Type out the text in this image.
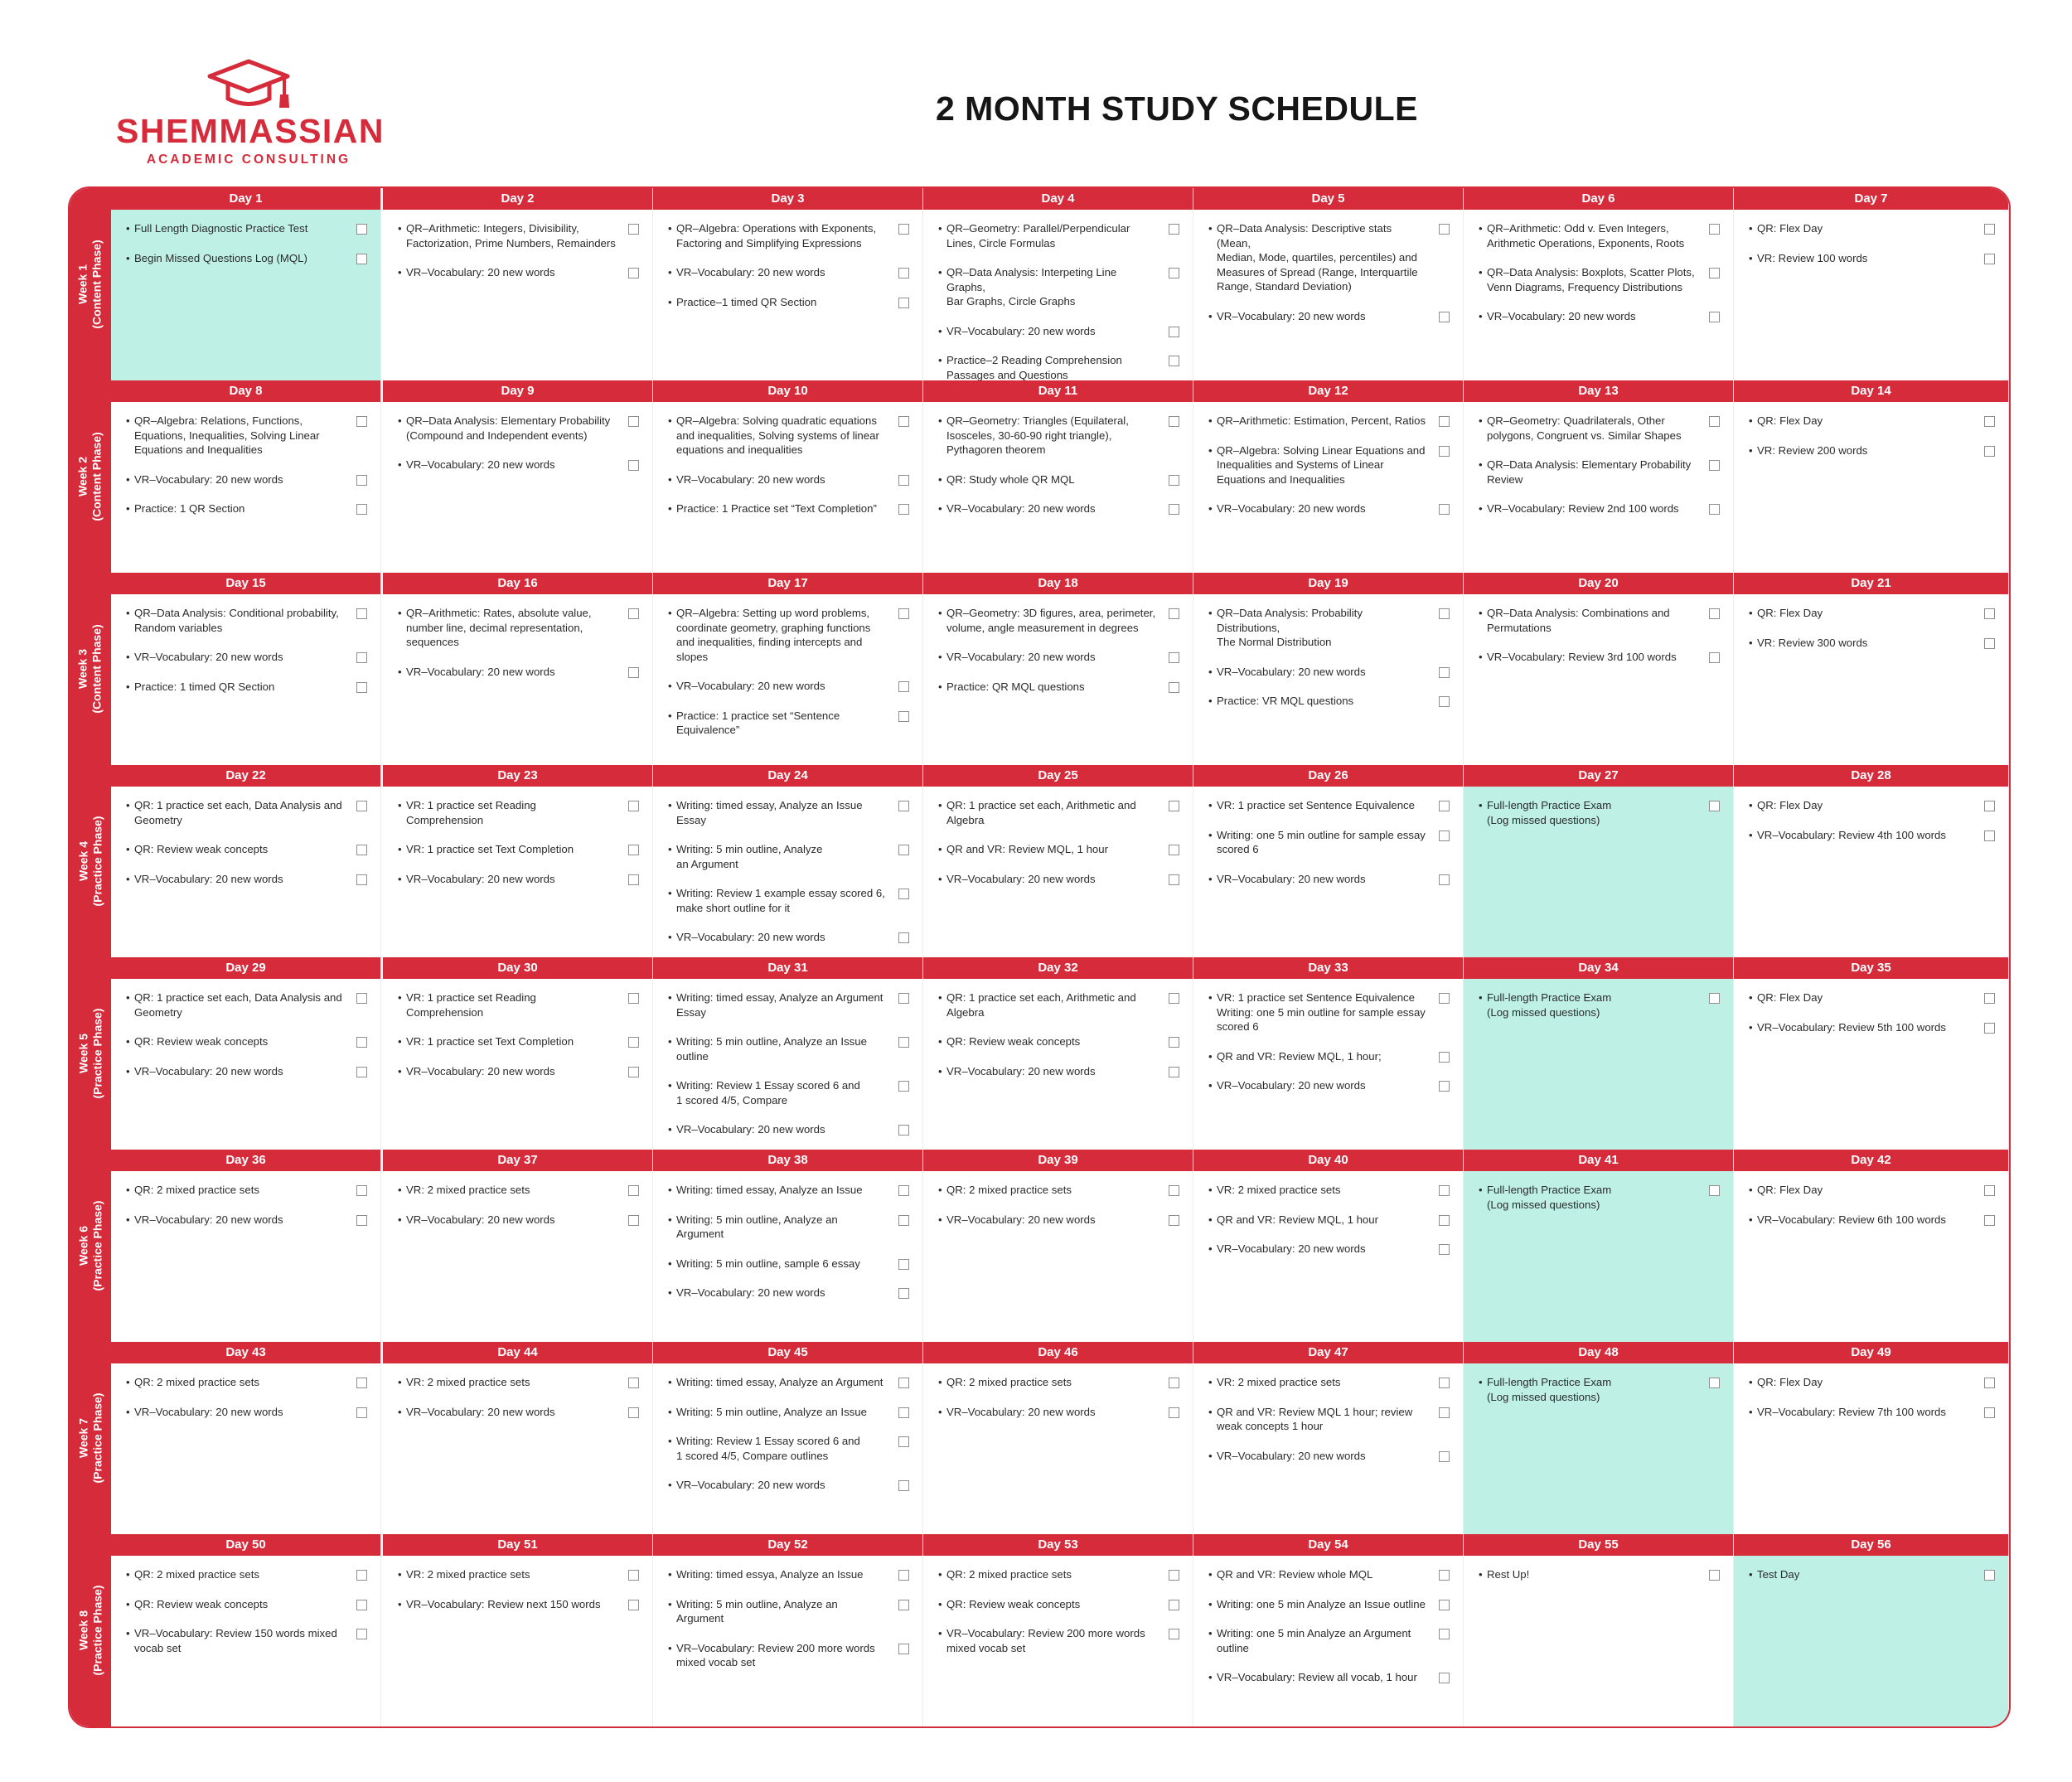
SHEMMASSIAN
ACADEMIC CONSULTING
2 MONTH STUDY SCHEDULE
Week 1 (Content Phase)
Week 2 (Content Phase)
Week 3 (Content Phase)
Week 4 (Practice Phase)
Week 5 (Practice Phase)
Week 6 (Practice Phase)
Week 7 (Practice Phase)
Week 8 (Practice Phase)
Day 1
• Full Length Diagnostic Practice Test
• Begin Missed Questions Log (MQL)
Day 2
• QR–Arithmetic: Integers, Divisibility,
Factorization, Prime Numbers, Remainders
• VR–Vocabulary: 20 new words
Day 3
• QR–Algebra: Operations with Exponents,
Factoring and Simplifying Expressions
• VR–Vocabulary: 20 new words
• Practice–1 timed QR Section
Day 4
• QR–Geometry: Parallel/Perpendicular
Lines, Circle Formulas
• QR–Data Analysis: Interpeting Line Graphs,
Bar Graphs, Circle Graphs
• VR–Vocabulary: 20 new words
• Practice–2 Reading Comprehension
Passages and Questions
Day 5
• QR–Data Analysis: Descriptive stats (Mean,
Median, Mode, quartiles, percentiles) and
Measures of Spread (Range, Interquartile
Range, Standard Deviation)
• VR–Vocabulary: 20 new words
Day 6
• QR–Arithmetic: Odd v. Even Integers,
Arithmetic Operations, Exponents, Roots
• QR–Data Analysis: Boxplots, Scatter Plots,
Venn Diagrams, Frequency Distributions
• VR–Vocabulary: 20 new words
Day 7
• QR: Flex Day
• VR: Review 100 words
Day 8
• QR–Algebra: Relations, Functions,
Equations, Inequalities, Solving Linear
Equations and Inequalities
• VR–Vocabulary: 20 new words
• Practice: 1 QR Section
Day 9
• QR–Data Analysis: Elementary Probability
(Compound and Independent events)
• VR–Vocabulary: 20 new words
Day 10
• QR–Algebra: Solving quadratic equations
and inequalities, Solving systems of linear
equations and inequalities
• VR–Vocabulary: 20 new words
• Practice: 1 Practice set “Text Completion”
Day 11
• QR–Geometry: Triangles (Equilateral,
Isosceles, 30-60-90 right triangle),
Pythagoren theorem
• QR: Study whole QR MQL
• VR–Vocabulary: 20 new words
Day 12
• QR–Arithmetic: Estimation, Percent, Ratios
• QR–Algebra: Solving Linear Equations and
Inequalities and Systems of Linear
Equations and Inequalities
• VR–Vocabulary: 20 new words
Day 13
• QR–Geometry: Quadrilaterals, Other
polygons, Congruent vs. Similar Shapes
• QR–Data Analysis: Elementary Probability
Review
• VR–Vocabulary: Review 2nd 100 words
Day 14
• QR: Flex Day
• VR: Review 200 words
Day 15
• QR–Data Analysis: Conditional probability,
Random variables
• VR–Vocabulary: 20 new words
• Practice: 1 timed QR Section
Day 16
• QR–Arithmetic: Rates, absolute value,
number line, decimal representation,
sequences
• VR–Vocabulary: 20 new words
Day 17
• QR–Algebra: Setting up word problems,
coordinate geometry, graphing functions
and inequalities, finding intercepts and
slopes
• VR–Vocabulary: 20 new words
• Practice: 1 practice set “Sentence
Equivalence”
Day 18
• QR–Geometry: 3D figures, area, perimeter,
volume, angle measurement in degrees
• VR–Vocabulary: 20 new words
• Practice: QR MQL questions
Day 19
• QR–Data Analysis: Probability Distributions,
The Normal Distribution
• VR–Vocabulary: 20 new words
• Practice: VR MQL questions
Day 20
• QR–Data Analysis: Combinations and
Permutations
• VR–Vocabulary: Review 3rd 100 words
Day 21
• QR: Flex Day
• VR: Review 300 words
Day 22
• QR: 1 practice set each, Data Analysis and
Geometry
• QR: Review weak concepts
• VR–Vocabulary: 20 new words
Day 23
• VR: 1 practice set Reading Comprehension
• VR: 1 practice set Text Completion
• VR–Vocabulary: 20 new words
Day 24
• Writing: timed essay, Analyze an Issue
Essay
• Writing: 5 min outline, Analyze
an Argument
• Writing: Review 1 example essay scored 6,
make short outline for it
• VR–Vocabulary: 20 new words
Day 25
• QR: 1 practice set each, Arithmetic and
Algebra
• QR and VR: Review MQL, 1 hour
• VR–Vocabulary: 20 new words
Day 26
• VR: 1 practice set Sentence Equivalence
• Writing: one 5 min outline for sample essay
scored 6
• VR–Vocabulary: 20 new words
Day 27
• Full-length Practice Exam
(Log missed questions)
Day 28
• QR: Flex Day
• VR–Vocabulary: Review 4th 100 words
Day 29
• QR: 1 practice set each, Data Analysis and
Geometry
• QR: Review weak concepts
• VR–Vocabulary: 20 new words
Day 30
• VR: 1 practice set Reading Comprehension
• VR: 1 practice set Text Completion
• VR–Vocabulary: 20 new words
Day 31
• Writing: timed essay, Analyze an Argument
Essay
• Writing: 5 min outline, Analyze an Issue
outline
• Writing: Review 1 Essay scored 6 and
1 scored 4/5, Compare
• VR–Vocabulary: 20 new words
Day 32
• QR: 1 practice set each, Arithmetic and
Algebra
• QR: Review weak concepts
• VR–Vocabulary: 20 new words
Day 33
• VR: 1 practice set Sentence Equivalence
Writing: one 5 min outline for sample essay
scored 6
• QR and VR: Review MQL, 1 hour;
• VR–Vocabulary: 20 new words
Day 34
• Full-length Practice Exam
(Log missed questions)
Day 35
• QR: Flex Day
• VR–Vocabulary: Review 5th 100 words
Day 36
• QR: 2 mixed practice sets
• VR–Vocabulary: 20 new words
Day 37
• VR: 2 mixed practice sets
• VR–Vocabulary: 20 new words
Day 38
• Writing: timed essay, Analyze an Issue
• Writing: 5 min outline, Analyze an Argument
• Writing: 5 min outline, sample 6 essay
• VR–Vocabulary: 20 new words
Day 39
• QR: 2 mixed practice sets
• VR–Vocabulary: 20 new words
Day 40
• VR: 2 mixed practice sets
• QR and VR: Review MQL, 1 hour
• VR–Vocabulary: 20 new words
Day 41
• Full-length Practice Exam
(Log missed questions)
Day 42
• QR: Flex Day
• VR–Vocabulary: Review 6th 100 words
Day 43
• QR: 2 mixed practice sets
• VR–Vocabulary: 20 new words
Day 44
• VR: 2 mixed practice sets
• VR–Vocabulary: 20 new words
Day 45
• Writing: timed essay, Analyze an Argument
• Writing: 5 min outline, Analyze an Issue
• Writing: Review 1 Essay scored 6 and
1 scored 4/5, Compare outlines
• VR–Vocabulary: 20 new words
Day 46
• QR: 2 mixed practice sets
• VR–Vocabulary: 20 new words
Day 47
• VR: 2 mixed practice sets
• QR and VR: Review MQL 1 hour; review
weak concepts 1 hour
• VR–Vocabulary: 20 new words
Day 48
• Full-length Practice Exam
(Log missed questions)
Day 49
• QR: Flex Day
• VR–Vocabulary: Review 7th 100 words
Day 50
• QR: 2 mixed practice sets
• QR: Review weak concepts
• VR–Vocabulary: Review 150 words mixed
vocab set
Day 51
• VR: 2 mixed practice sets
• VR–Vocabulary: Review next 150 words
Day 52
• Writing: timed essya, Analyze an Issue
• Writing: 5 min outline, Analyze an Argument
• VR–Vocabulary: Review 200 more words
mixed vocab set
Day 53
• QR: 2 mixed practice sets
• QR: Review weak concepts
• VR–Vocabulary: Review 200 more words
mixed vocab set
Day 54
• QR and VR: Review whole MQL
• Writing: one 5 min Analyze an Issue outline
• Writing: one 5 min Analyze an Argument
outline
• VR–Vocabulary: Review all vocab, 1 hour
Day 55
• Rest Up!
Day 56
• Test Day
